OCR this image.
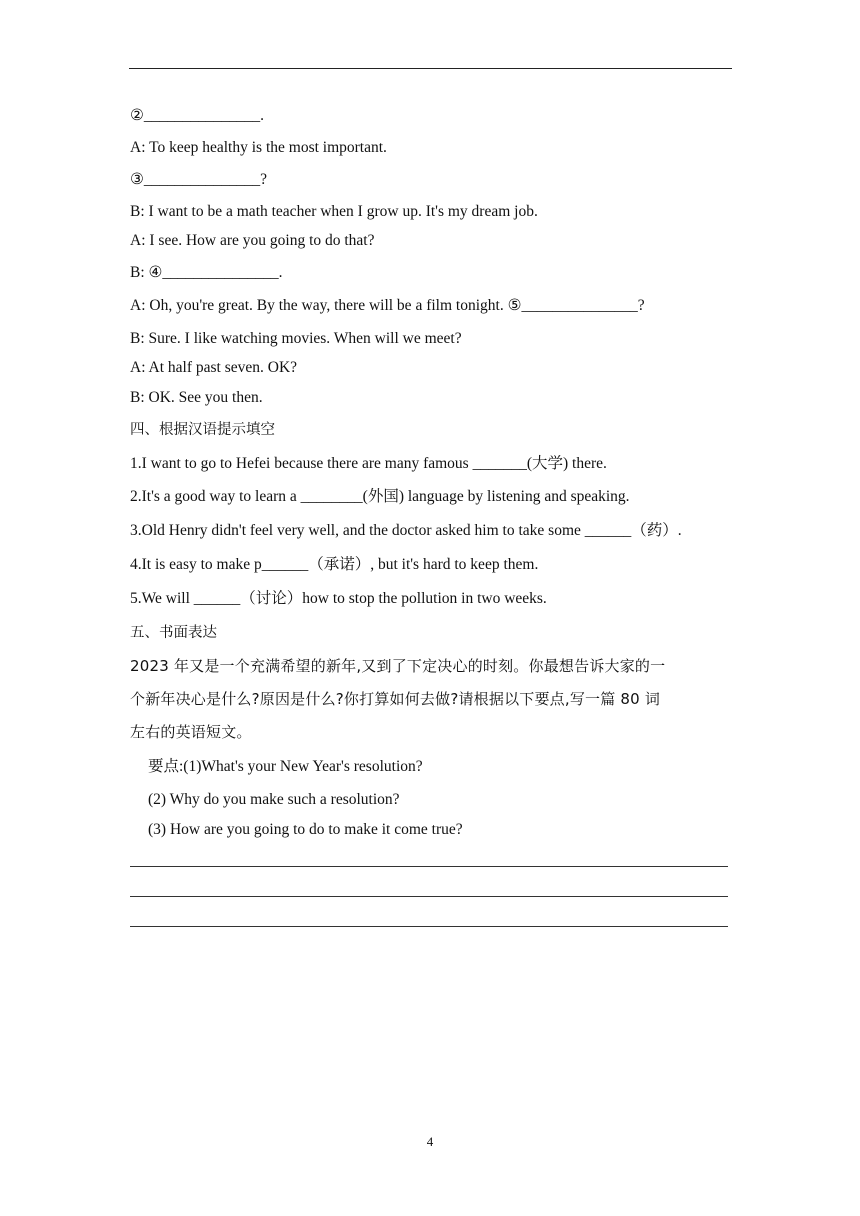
②_______________.
A: To keep healthy is the most important.
③_______________?
B: I want to be a math teacher when I grow up. It's my dream job.
A: I see. How are you going to do that?
B: ④_______________.
A: Oh, you're great. By the way, there will be a film tonight. ⑤_______________?
B: Sure. I like watching movies. When will we meet?
A: At half past seven. OK?
B: OK. See you then.
四、根据汉语提示填空
1.I want to go to Hefei because there are many famous _______(大学) there.
2.It's a good way to learn a ________(外国) language by listening and speaking.
3.Old Henry didn't feel very well, and the doctor asked him to take some ______（药）.
4.It is easy to make p______（承诺）, but it's hard to keep them.
5.We will ______（讨论）how to stop the pollution in two weeks.
五、书面表达
2023 年又是一个充满希望的新年,又到了下定决心的时刻。你最想告诉大家的一
个新年决心是什么?原因是什么?你打算如何去做?请根据以下要点,写一篇 80 词
左右的英语短文。
要点:(1)What's your New Year's resolution?
(2) Why do you make such a resolution?
(3) How are you going to do to make it come true?
4
